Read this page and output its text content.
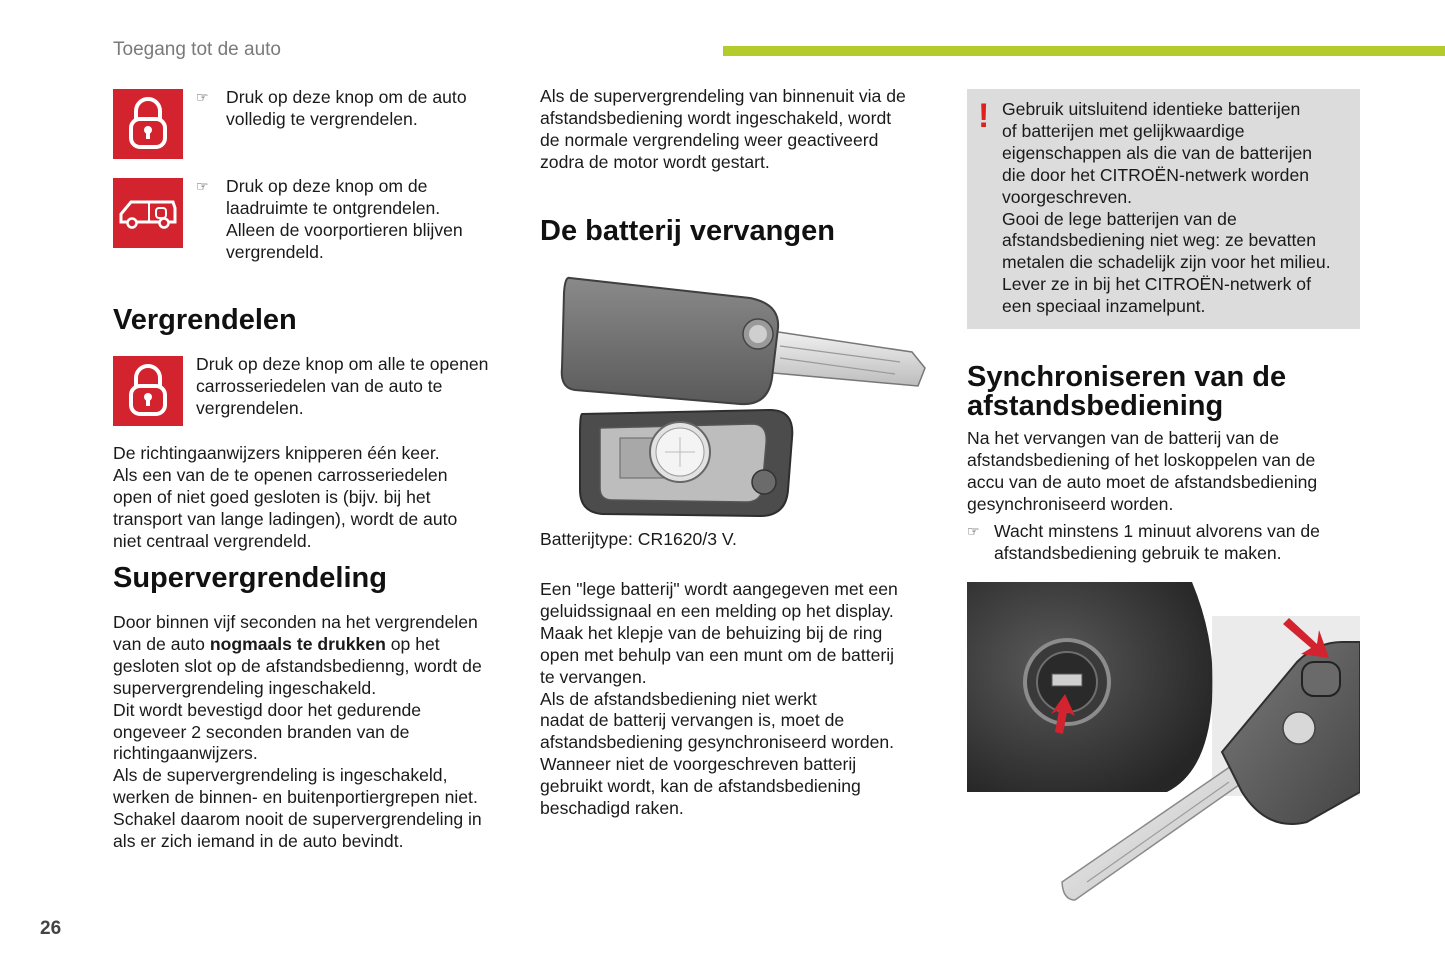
Toegang tot de auto
☞ Druk op deze knop om de auto

volledig te vergrendelen.

☞ Druk op deze knop om de

laadruimte te ontgrendelen.

Alleen de voorportieren blijven

vergrendeld.

Vergrendelen

Druk op deze knop om alle te openen

carrosseriedelen van de auto te

vergrendelen.

De richtingaanwijzers knipperen één keer.

Als een van de te openen carrosseriedelen

open of niet goed gesloten is (bijv. bij het

transport van lange ladingen), wordt de auto

niet centraal vergrendeld.

Supervergrendeling

Door binnen vijf seconden na het vergrendelen

van de auto nogmaals te drukken op het

gesloten slot op de afstandsbedienng, wordt de

supervergrendeling ingeschakeld.

Dit wordt bevestigd door het gedurende

ongeveer 2 seconden branden van de

richtingaanwijzers.

Als de supervergrendeling is ingeschakeld,

werken de binnen- en buitenportiergrepen niet.

Schakel daarom nooit de supervergrendeling in

als er zich iemand in de auto bevindt.

Als de supervergrendeling van binnenuit via de

afstandsbediening wordt ingeschakeld, wordt

de normale vergrendeling weer geactiveerd

zodra de motor wordt gestart.

De batterij vervangen

Batterijtype: CR1620/3 V.

Een "lege batterij" wordt aangegeven met een

geluidssignaal en een melding op het display.

Maak het klepje van de behuizing bij de ring

open met behulp van een munt om de batterij

te vervangen.

Als de afstandsbediening niet werkt

nadat de batterij vervangen is, moet de

afstandsbediening gesynchroniseerd worden.

Wanneer niet de voorgeschreven batterij

gebruikt wordt, kan de afstandsbediening

beschadigd raken.

! Gebruik uitsluitend identieke batterijen

of batterijen met gelijkwaardige

eigenschappen als die van de batterijen

die door het CITROËN-netwerk worden

voorgeschreven.

Gooi de lege batterijen van de

afstandsbediening niet weg: ze bevatten

metalen die schadelijk zijn voor het milieu.

Lever ze in bij het CITROËN-netwerk of

een speciaal inzamelpunt.

Synchroniseren van de

afstandsbediening

Na het vervangen van de batterij van de

afstandsbediening of het loskoppelen van de

accu van de auto moet de afstandsbediening

gesynchroniseerd worden.

☞ Wacht minstens 1 minuut alvorens van de

afstandsbediening gebruik te maken.

26
